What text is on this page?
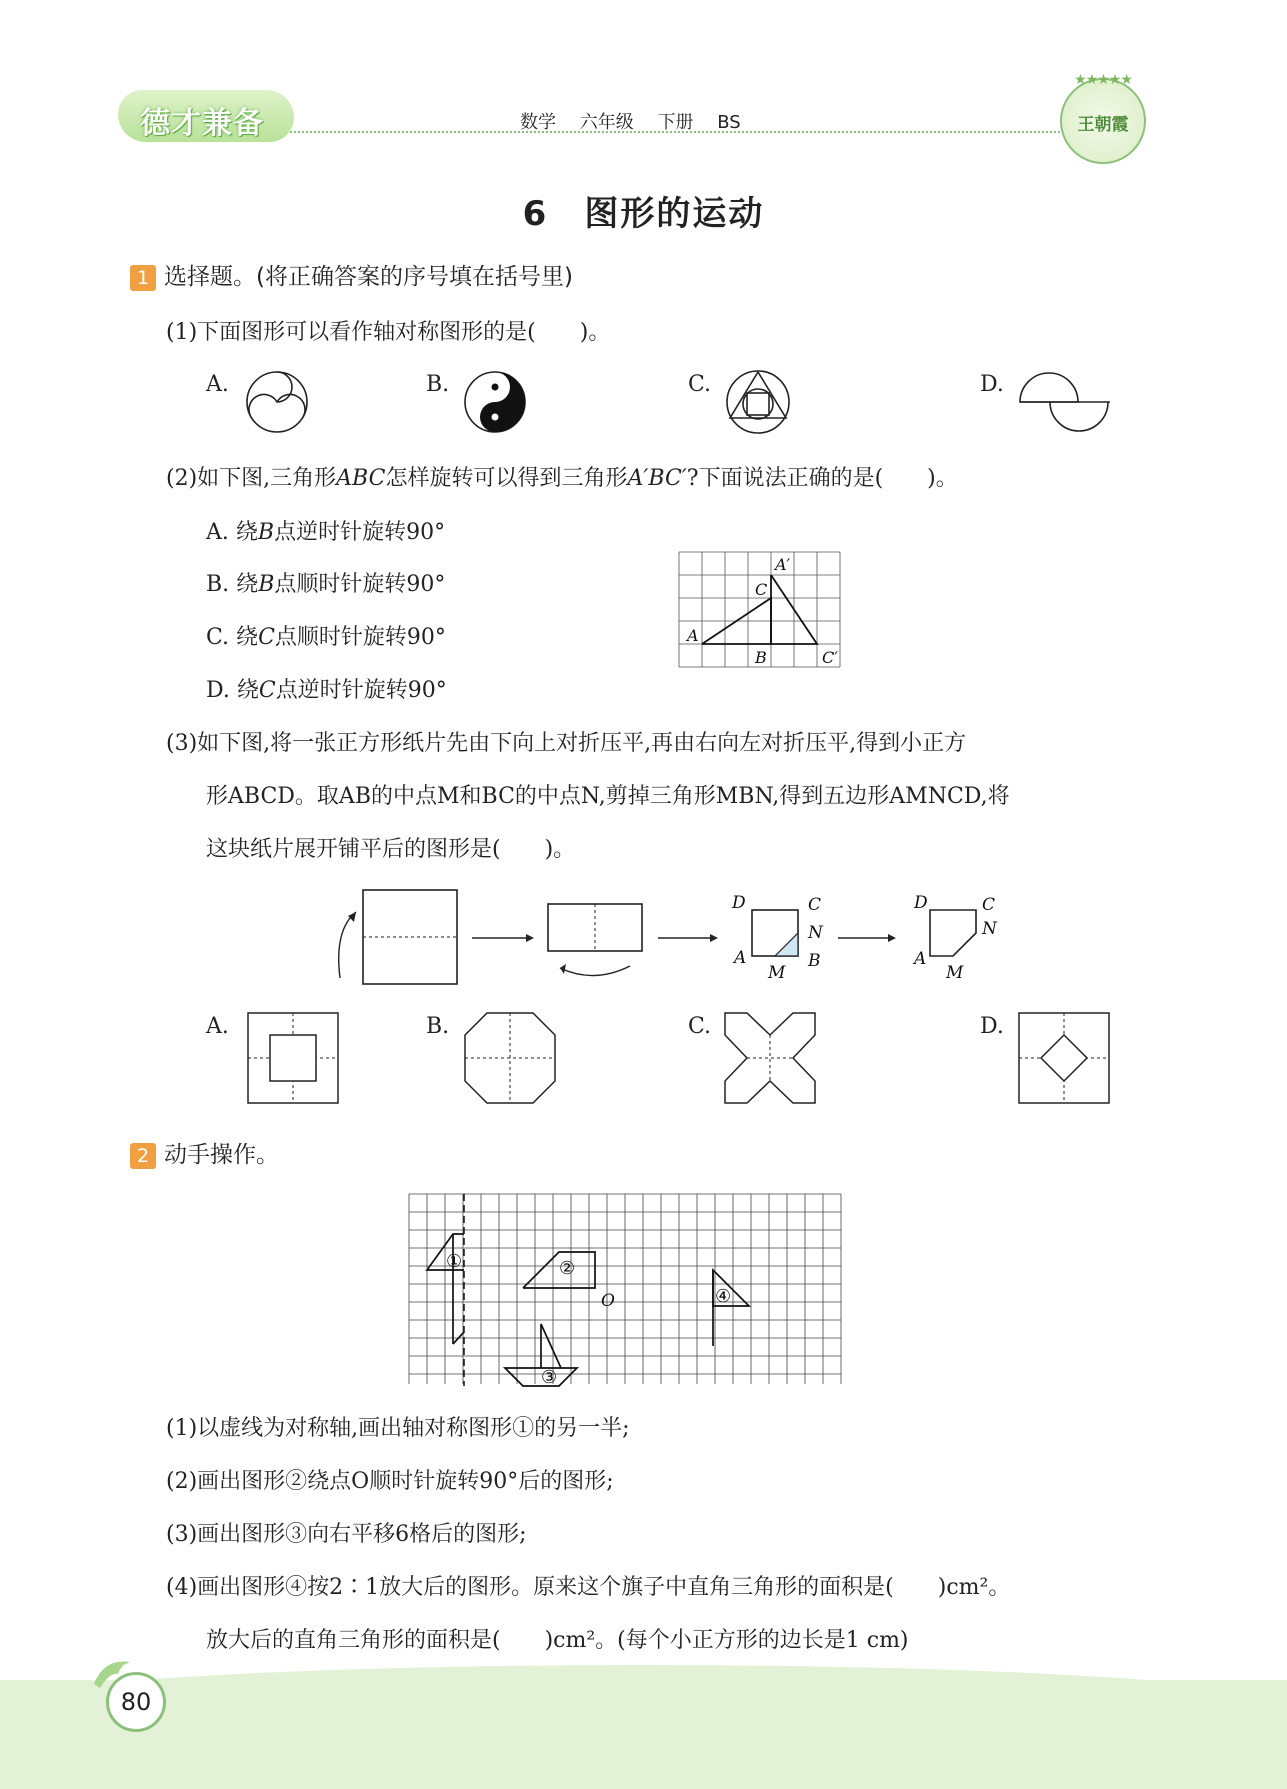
德才兼备	数学 六年级 下册 BS
★★★★★
王朝霞
6　图形的运动
1 选择题。(将正确答案的序号填在括号里)
(1)下面图形可以看作轴对称图形的是(　　)。
A.	B.	C.	D.
(2)如下图,三角形ABC怎样旋转可以得到三角形A′BC′?下面说法正确的是(　　)。
A. 绕B点逆时针旋转90°
B. 绕B点顺时针旋转90°
C. 绕C点顺时针旋转90°
D. 绕C点逆时针旋转90°
A′
C
A
B	C′
(3)如下图,将一张正方形纸片先由下向上对折压平,再由右向左对折压平,得到小正方
形ABCD。取AB的中点M和BC的中点N,剪掉三角形MBN,得到五边形AMNCD,将
这块纸片展开铺平后的图形是(　　)。
D	C
N
A
M
B
D	C
N
A
M
A.	B.	C.	D.
2 动手操作。
①	②
O
③
④
(1)以虚线为对称轴,画出轴对称图形①的另一半;
(2)画出图形②绕点O顺时针旋转90°后的图形;
(3)画出图形③向右平移6格后的图形;
(4)画出图形④按2∶1放大后的图形。原来这个旗子中直角三角形的面积是(　　)cm²。
放大后的直角三角形的面积是(　　)cm²。(每个小正方形的边长是1 cm)
80
